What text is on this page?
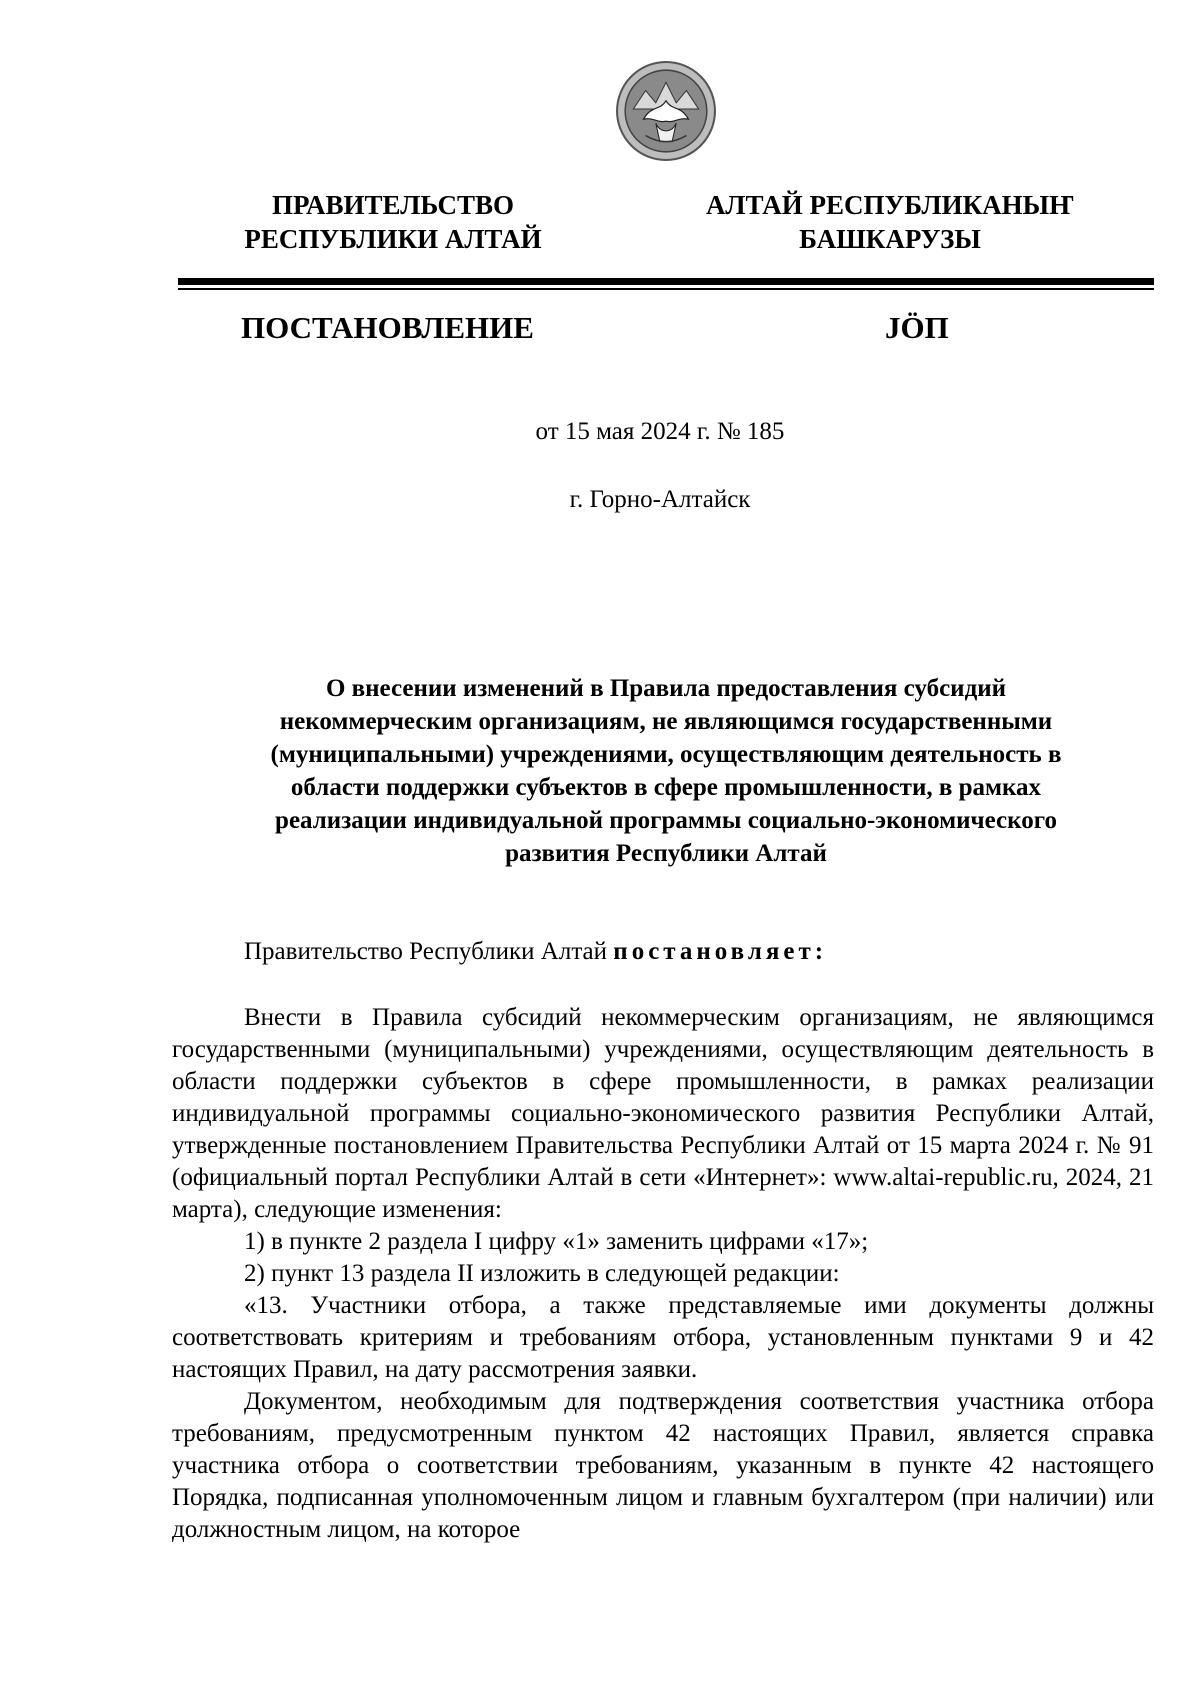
ПРАВИТЕЛЬСТВО
РЕСПУБЛИКИ АЛТАЙ
АЛТАЙ РЕСПУБЛИКАНЫҤ
БАШКАРУЗЫ
ПОСТАНОВЛЕНИЕ	JӦП
от 15 мая 2024 г. № 185
г. Горно-Алтайск
О внесении изменений в Правила предоставления субсидий
некоммерческим организациям, не являющимся государственными
(муниципальными) учреждениями, осуществляющим деятельность в
области поддержки субъектов в сфере промышленности, в рамках
реализации индивидуальной программы социально-экономического
развития Республики Алтай
Правительство Республики Алтай постановляет:

Внести в Правила субсидий некоммерческим организациям, не являющимся государственными (муниципальными) учреждениями, осуществляющим деятельность в области поддержки субъектов в сфере промышленности, в рамках реализации индивидуальной программы социально-экономического развития Республики Алтай, утвержденные постановлением Правительства Республики Алтай от 15 марта 2024 г. № 91 (официальный портал Республики Алтай в сети «Интернет»: www.altai-republic.ru, 2024, 21 марта), следующие изменения:

1) в пункте 2 раздела I цифру «1» заменить цифрами «17»;

2) пункт 13 раздела II изложить в следующей редакции:

«13. Участники отбора, а также представляемые ими документы должны соответствовать критериям и требованиям отбора, установленным пунктами 9 и 42 настоящих Правил, на дату рассмотрения заявки.

Документом, необходимым для подтверждения соответствия участника отбора требованиям, предусмотренным пунктом 42 настоящих Правил, является справка участника отбора о соответствии требованиям, указанным в пункте 42 настоящего Порядка, подписанная уполномоченным лицом и главным бухгалтером (при наличии) или должностным лицом, на которое
